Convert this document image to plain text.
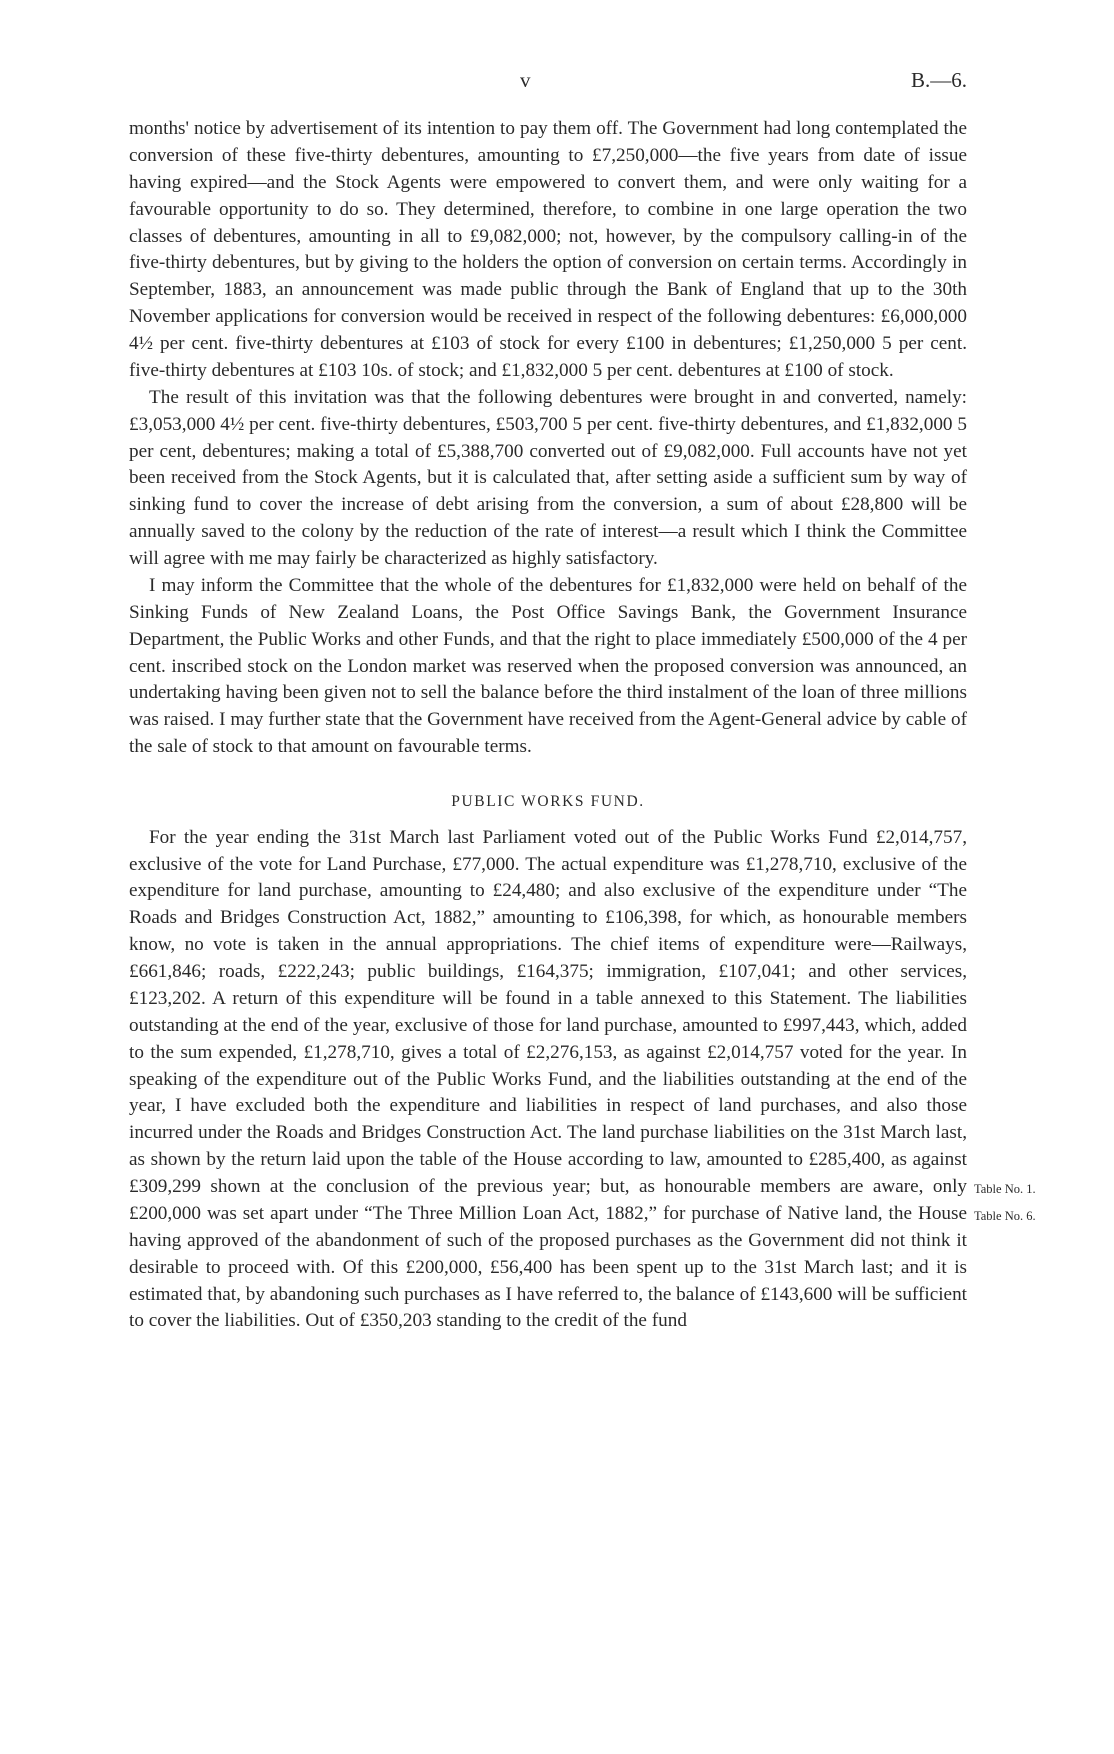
v	B.—6.

months' notice by advertisement of its intention to pay them off. The Government had long contemplated the conversion of these five-thirty debentures, amounting to £7,250,000—the five years from date of issue having expired—and the Stock Agents were empowered to convert them, and were only waiting for a favourable opportunity to do so. They determined, therefore, to combine in one large operation the two classes of debentures, amounting in all to £9,082,000; not, however, by the compulsory calling-in of the five-thirty debentures, but by giving to the holders the option of conversion on certain terms. Accordingly in September, 1883, an announcement was made public through the Bank of England that up to the 30th November applications for conversion would be received in respect of the following debentures: £6,000,000 4½ per cent. five-thirty debentures at £103 of stock for every £100 in debentures; £1,250,000 5 per cent. five-thirty debentures at £103 10s. of stock; and £1,832,000 5 per cent. debentures at £100 of stock.

The result of this invitation was that the following debentures were brought in and converted, namely: £3,053,000 4½ per cent. five-thirty debentures, £503,700 5 per cent. five-thirty debentures, and £1,832,000 5 per cent, debentures; making a total of £5,388,700 converted out of £9,082,000. Full accounts have not yet been received from the Stock Agents, but it is calculated that, after setting aside a sufficient sum by way of sinking fund to cover the increase of debt arising from the conversion, a sum of about £28,800 will be annually saved to the colony by the reduction of the rate of interest—a result which I think the Committee will agree with me may fairly be characterized as highly satisfactory.

I may inform the Committee that the whole of the debentures for £1,832,000 were held on behalf of the Sinking Funds of New Zealand Loans, the Post Office Savings Bank, the Government Insurance Department, the Public Works and other Funds, and that the right to place immediately £500,000 of the 4 per cent. inscribed stock on the London market was reserved when the proposed conversion was announced, an undertaking having been given not to sell the balance before the third instalment of the loan of three millions was raised. I may further state that the Government have received from the Agent-General advice by cable of the sale of stock to that amount on favourable terms.

PUBLIC WORKS FUND.

For the year ending the 31st March last Parliament voted out of the Public Works Fund £2,014,757, exclusive of the vote for Land Purchase, £77,000. The actual expenditure was £1,278,710, exclusive of the expenditure for land purchase, amounting to £24,480; and also exclusive of the expenditure under “The Roads and Bridges Construction Act, 1882,” amounting to £106,398, for which, as honourable members know, no vote is taken in the annual appropriations. The chief items of expenditure were—Railways, £661,846; roads, £222,243; public buildings, £164,375; immigration, £107,041; and other services, £123,202. A return of this expenditure will be found in a table annexed to this Statement. The liabilities outstanding at the end of the year, exclusive of those for land purchase, amounted to £997,443, which, added to the sum expended, £1,278,710, gives a total of £2,276,153, as against £2,014,757 voted for the year. In speaking of the expenditure out of the Public Works Fund, and the liabilities outstanding at the end of the year, I have excluded both the expenditure and liabilities in respect of land purchases, and also those incurred under the Roads and Bridges Construction Act. The land purchase liabilities on the 31st March last, as shown by the return laid upon the table of the House according to law, amounted to £285,400, as against £309,299 shown at the conclusion of the previous year; but, as honourable members are aware, only £200,000 was set apart under “The Three Million Loan Act, 1882,” for purchase of Native land, the House having approved of the abandonment of such of the proposed purchases as the Government did not think it desirable to proceed with. Of this £200,000, £56,400 has been spent up to the 31st March last; and it is estimated that, by abandoning such purchases as I have referred to, the balance of £143,600 will be sufficient to cover the liabilities. Out of £350,203 standing to the credit of the fund

Table No. 1.
Table No. 6.
